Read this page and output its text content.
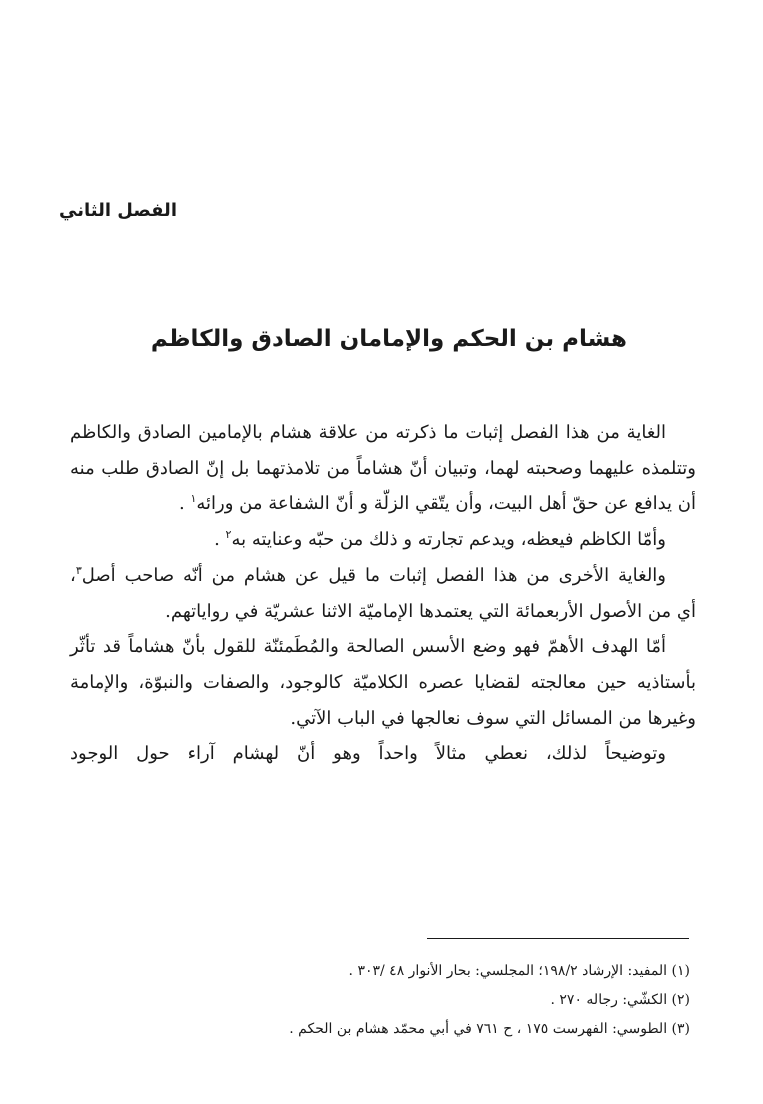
الفصل الثاني
هشام بن الحكم والإمامان الصادق والكاظم

الغاية من هذا الفصل إثبات ما ذكرته من علاقة هشام بالإمامين الصادق والكاظم وتتلمذه عليهما وصحبته لهما، وتبيان أنّ هشاماً من تلامذتهما بل إنّ الصادق طلب منه أن يدافع عن حقّ أهل البيت، وأن يتّقي الزلّة و أنّ الشفاعة من ورائه$^١$ .

وأمّا الكاظم فيعظه، ويدعم تجارته و ذلك من حبّه وعنايته به$^٢$ .

والغاية الأخرى من هذا الفصل إثبات ما قيل عن هشام من أنّه صاحب أصل$^٣$،

أي من الأصول الأربعمائة التي يعتمدها الإماميّة الاثنا عشريّة في رواياتهم.

أمّا الهدف الأهمّ فهو وضع الأسس الصالحة والمُطَمئنّة للقول بأنّ هشاماً قد تأثّر بأستاذيه حين معالجته لقضايا عصره الكلاميّة كالوجود، والصفات والنبوّة، والإمامة وغيرها من المسائل التي سوف نعالجها في الباب الآتي.

وتوضيحاً لذلك، نعطي مثالاً واحداً وهو أنّ لهشام آراء حول الوجود

(١) المفيد: الإرشاد ١٩٨/٢؛ المجلسي: بحار الأنوار ٤٨ /٣٠٣ .

(٢) الكشّي: رجاله ٢٧٠ .

(٣) الطوسي: الفهرست ١٧٥ ، ح ٧٦١ في أبي محمّد هشام بن الحكم .
